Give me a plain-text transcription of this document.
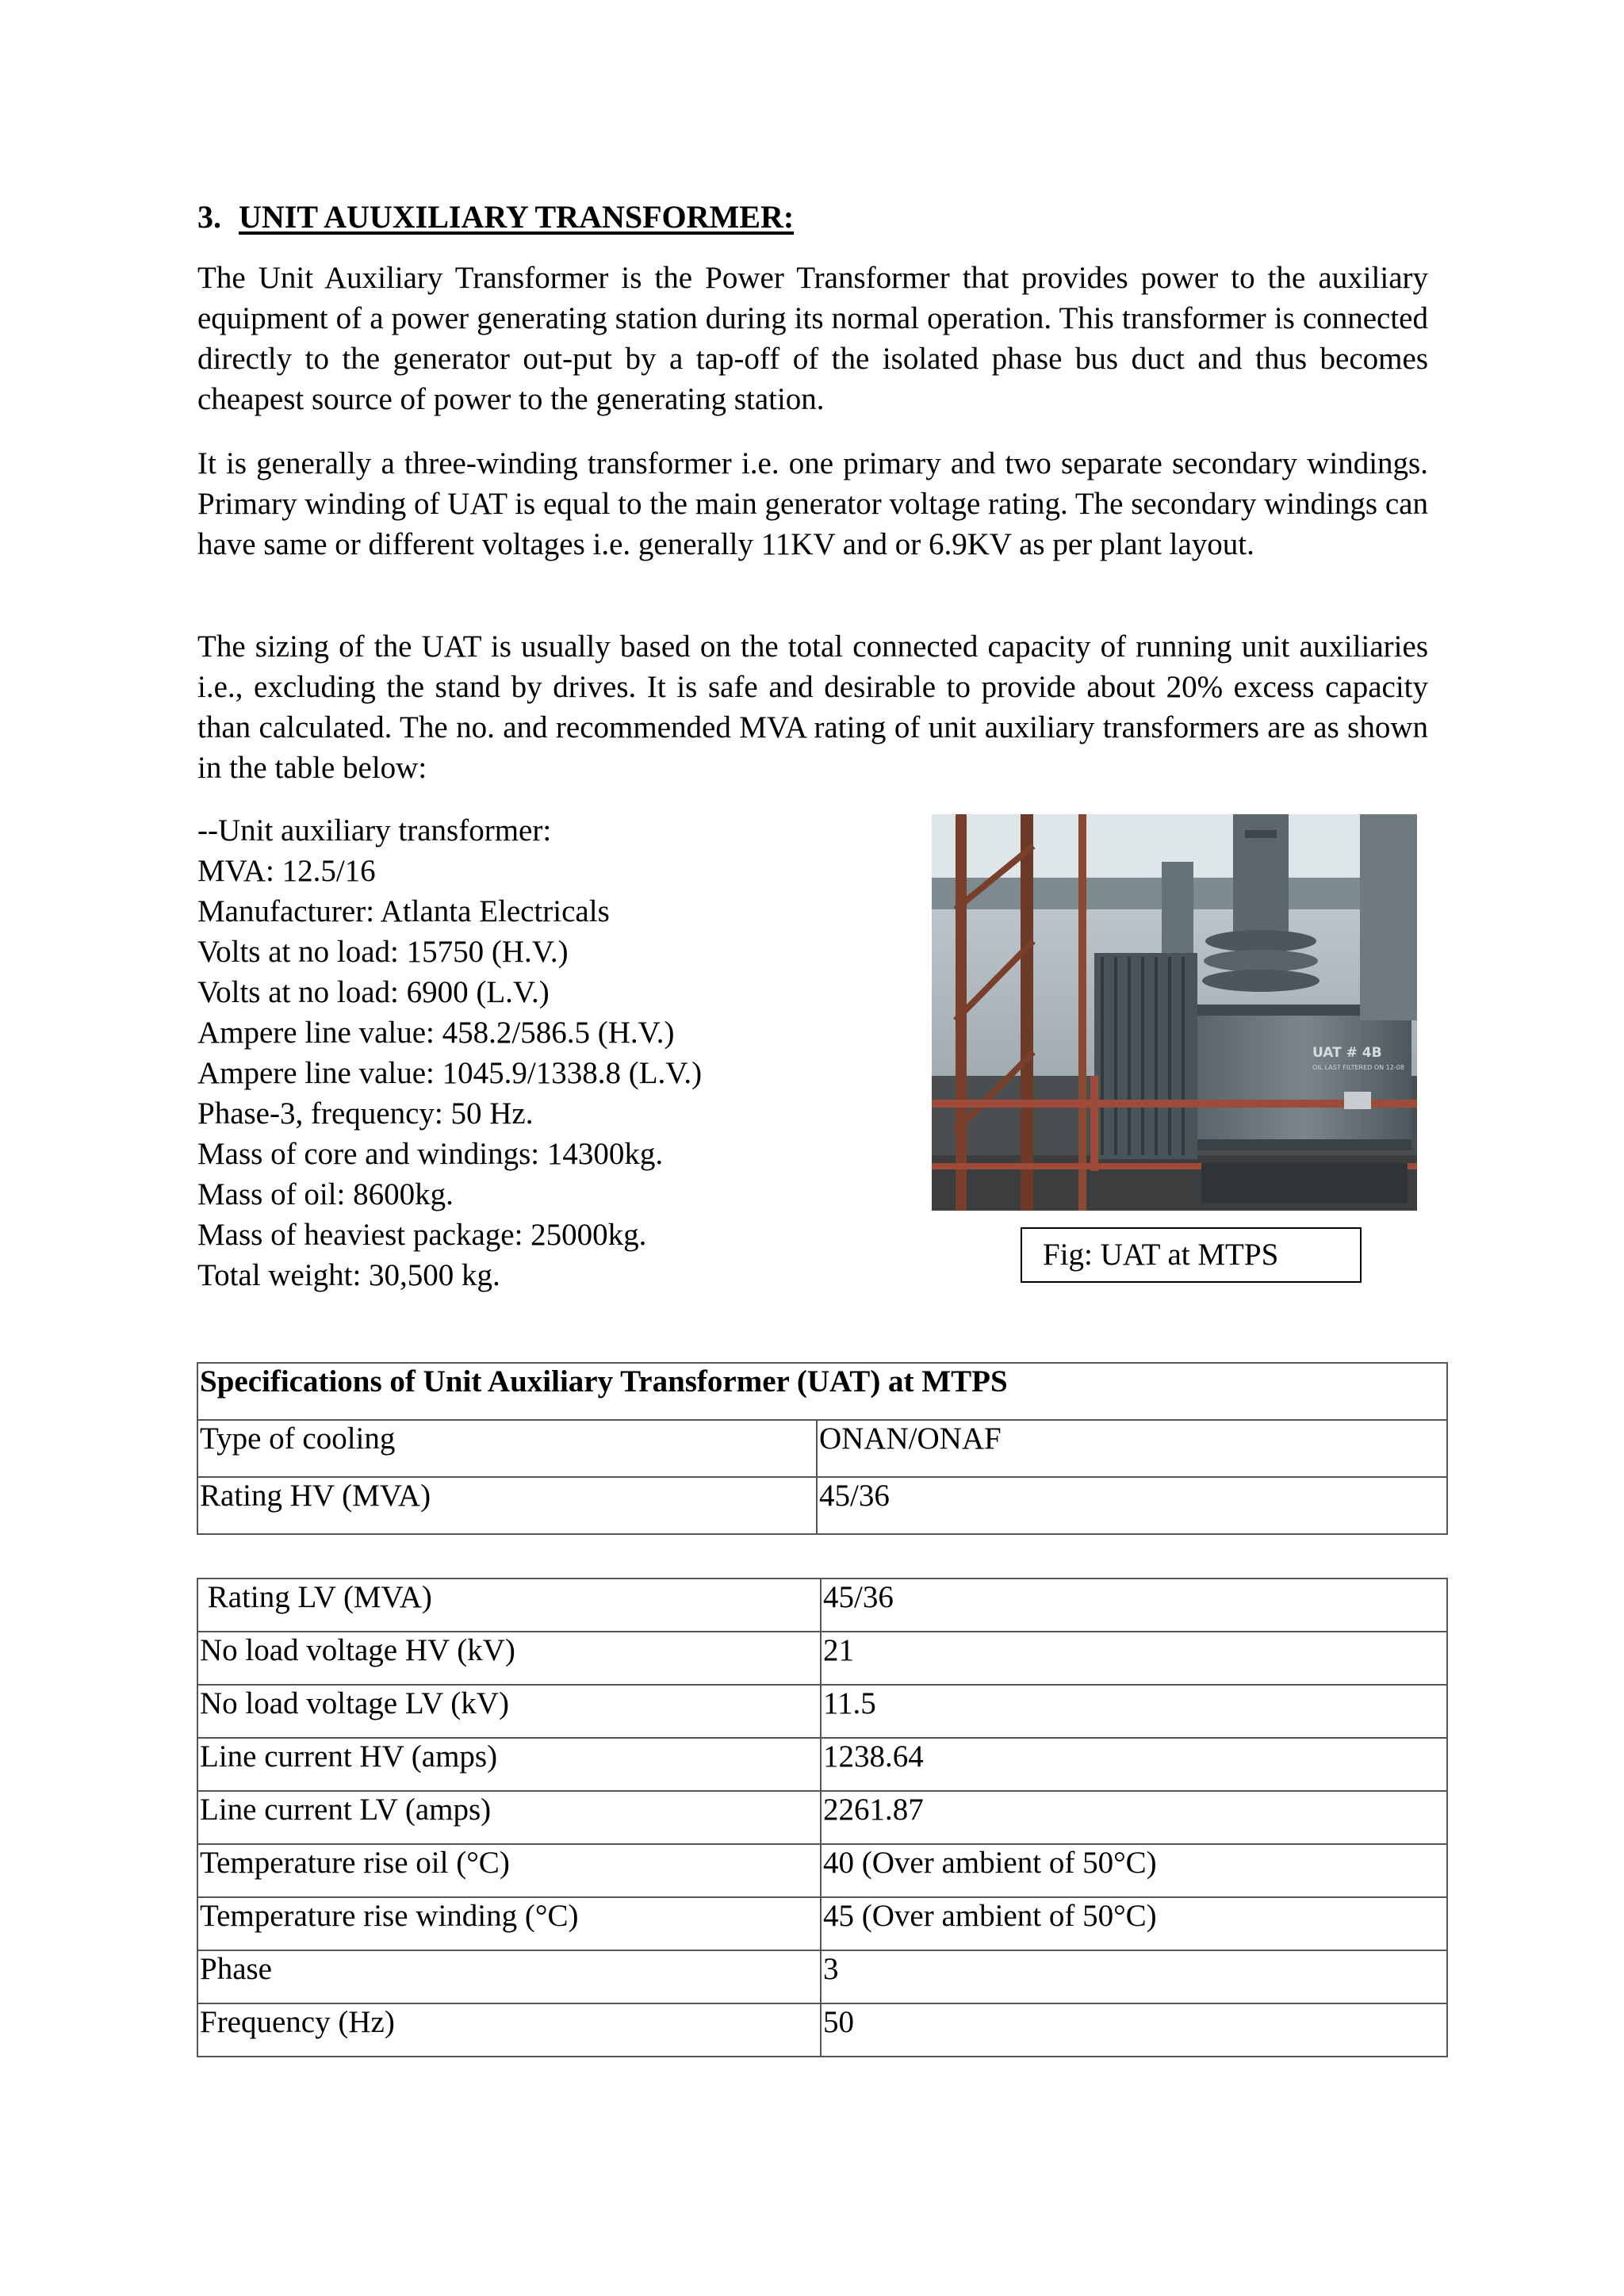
3. UNIT AUUXILIARY TRANSFORMER:

The Unit Auxiliary Transformer is the Power Transformer that provides power to the auxiliary equipment of a power generating station during its normal operation. This transformer is connected directly to the generator out-put by a tap-off of the isolated phase bus duct and thus becomes cheapest source of power to the generating station.

It is generally a three-winding transformer i.e. one primary and two separate secondary windings. Primary winding of UAT is equal to the main generator voltage rating. The secondary windings can have same or different voltages i.e. generally 11KV and or 6.9KV as per plant layout.

The sizing of the UAT is usually based on the total connected capacity of running unit auxiliaries i.e., excluding the stand by drives. It is safe and desirable to provide about 20% excess capacity than calculated. The no. and recommended MVA rating of unit auxiliary transformers are as shown in the table below:

--Unit auxiliary transformer:
MVA: 12.5/16
Manufacturer: Atlanta Electricals
Volts at no load: 15750 (H.V.)
Volts at no load: 6900 (L.V.)
Ampere line value: 458.2/586.5 (H.V.)
Ampere line value: 1045.9/1338.8 (L.V.)
Phase-3, frequency: 50 Hz.
Mass of core and windings: 14300kg.
Mass of oil: 8600kg.
Mass of heaviest package: 25000kg.
Total weight: 30,500 kg.
UAT # 4B
OIL LAST FILTERED ON 12-08
Fig: UAT at MTPS
Specifications of Unit Auxiliary Transformer (UAT) at MTPS	
Type of cooling	ONAN/ONAF
Rating HV (MVA)	45/36
Rating LV (MVA)	45/36
No load voltage HV (kV)	21
No load voltage LV (kV)	11.5
Line current HV (amps)	1238.64
Line current LV (amps)	2261.87
Temperature rise oil (°C)	40 (Over ambient of 50°C)
Temperature rise winding (°C)	45 (Over ambient of 50°C)
Phase	3
Frequency (Hz)	50
